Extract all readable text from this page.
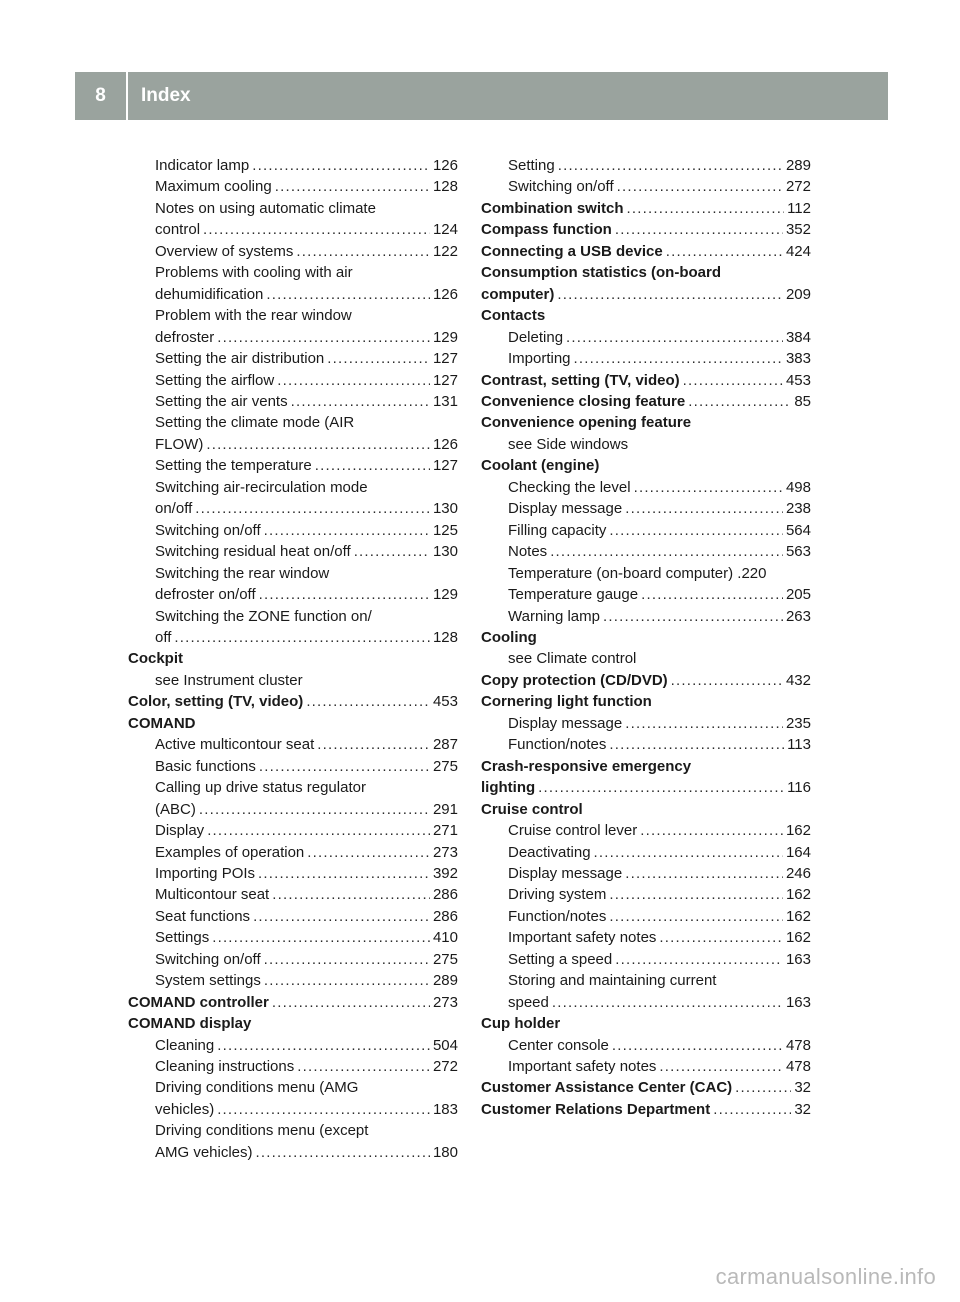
8	Index
Indicator lamp .....	126
Maximum cooling .....	128
Notes on using automatic climate
control .....	124
Overview of systems .....	122
Problems with cooling with air
dehumidification .....	126
Problem with the rear window
defroster .....	129
Setting the air distribution .....	127
Setting the airflow .....	127
Setting the air vents .....	131
Setting the climate mode (AIR
FLOW) .....	126
Setting the temperature .....	127
Switching air-recirculation mode
on/off .....	130
Switching on/off .....	125
Switching residual heat on/off .....	130
Switching the rear window
defroster on/off .....	129
Switching the ZONE function on/
off .....	128
Cockpit
see Instrument cluster
Color, setting (TV, video) .....	453
COMAND
Active multicontour seat .....	287
Basic functions .....	275
Calling up drive status regulator
(ABC) .....	291
Display .....	271
Examples of operation .....	273
Importing POIs .....	392
Multicontour seat .....	286
Seat functions .....	286
Settings .....	410
Switching on/off .....	275
System settings .....	289
COMAND controller .....	273
COMAND display
Cleaning .....	504
Cleaning instructions .....	272
Driving conditions menu (AMG
vehicles) .....	183
Driving conditions menu (except
AMG vehicles) .....	180
Setting .....	289
Switching on/off .....	272
Combination switch .....	112
Compass function .....	352
Connecting a USB device .....	424
Consumption statistics (on-board
computer) .....	209
Contacts
Deleting .....	384
Importing .....	383
Contrast, setting (TV, video) .....	453
Convenience closing feature .....	85
Convenience opening feature
see Side windows
Coolant (engine)
Checking the level .....	498
Display message .....	238
Filling capacity .....	564
Notes .....	563
Temperature (on-board computer) . 220
Temperature gauge .....	205
Warning lamp .....	263
Cooling
see Climate control
Copy protection (CD/DVD) .....	432
Cornering light function
Display message .....	235
Function/notes .....	113
Crash-responsive emergency
lighting .....	116
Cruise control
Cruise control lever .....	162
Deactivating .....	164
Display message .....	246
Driving system .....	162
Function/notes .....	162
Important safety notes .....	162
Setting a speed .....	163
Storing and maintaining current
speed .....	163
Cup holder
Center console .....	478
Important safety notes .....	478
Customer Assistance Center (CAC) .....	32
Customer Relations Department .....	32
carmanualsonline.info
